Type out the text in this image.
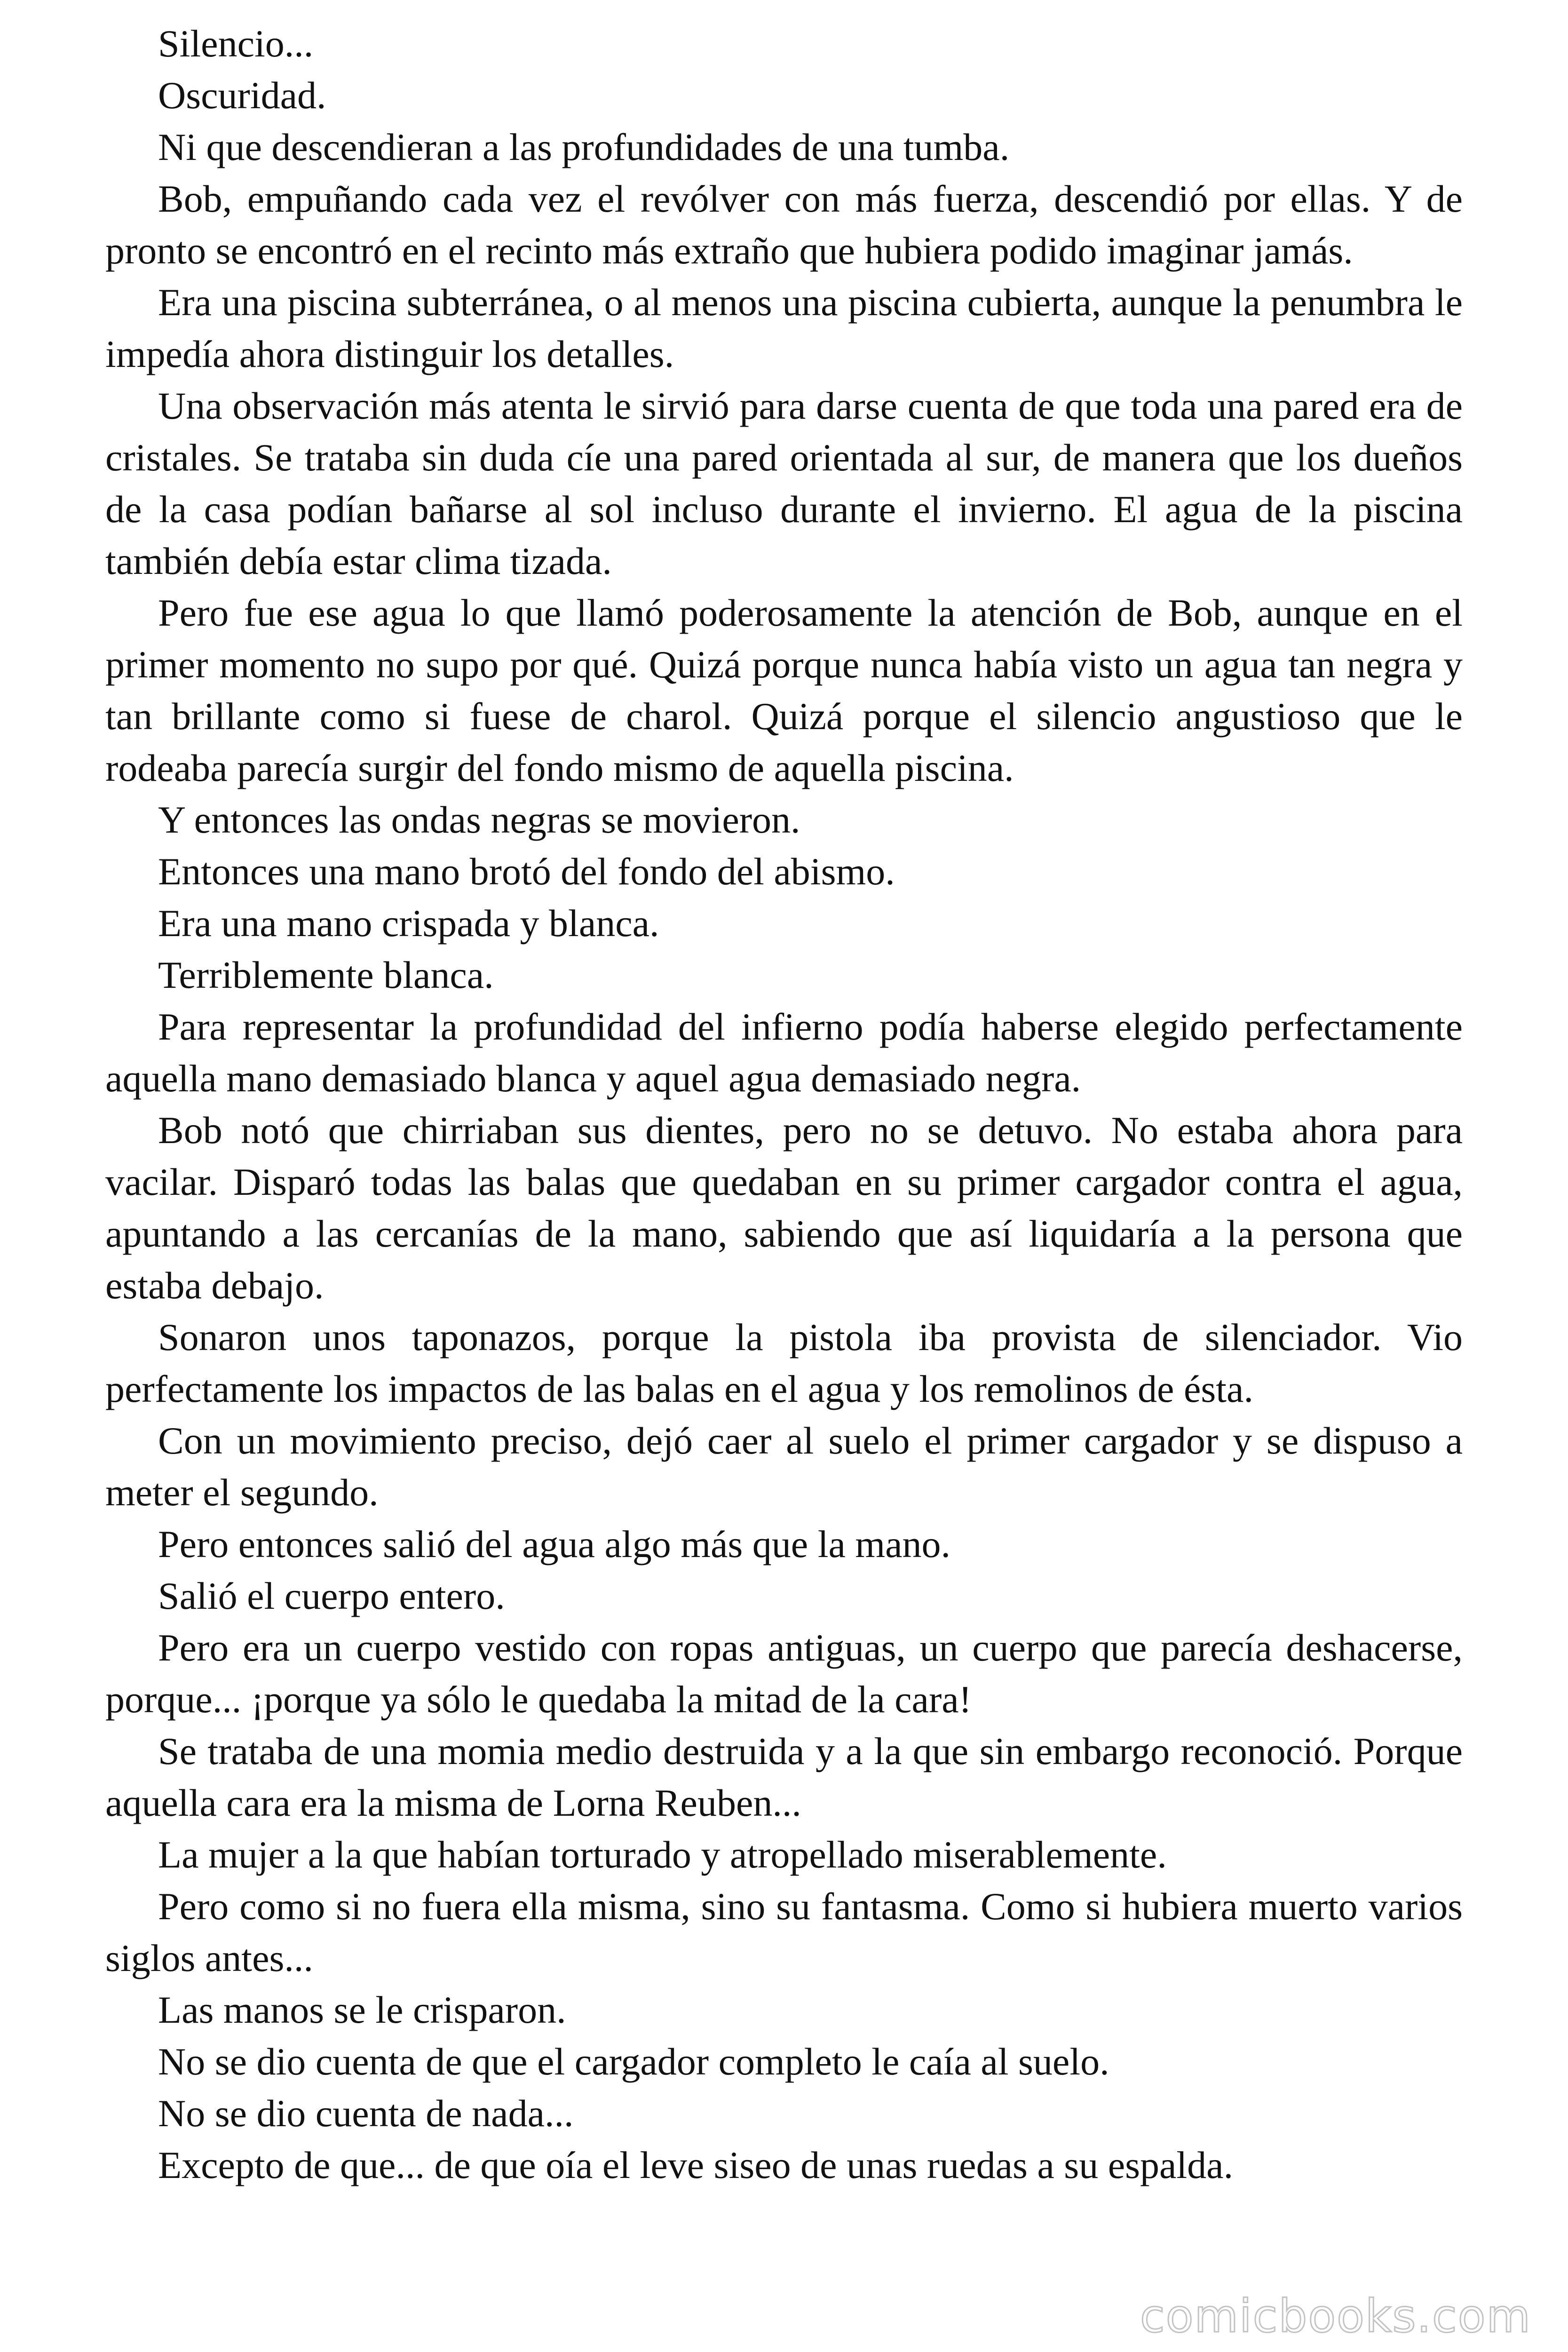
Silencio...

Oscuridad.

Ni que descendieran a las profundidades de una tumba.

Bob, empuñando cada vez el revólver con más fuerza, descendió por ellas. Y de pronto se encontró en el recinto más extraño que hubiera podido imaginar jamás.

Era una piscina subterránea, o al menos una piscina cubierta, aunque la penumbra le impedía ahora distinguir los detalles.

Una observación más atenta le sirvió para darse cuenta de que toda una pared era de cristales. Se trataba sin duda cíe una pared orientada al sur, de manera que los dueños de la casa podían bañarse al sol incluso durante el invierno. El agua de la piscina también debía estar clima tizada.

Pero fue ese agua lo que llamó poderosamente la atención de Bob, aunque en el primer momento no supo por qué. Quizá porque nunca había visto un agua tan negra y tan brillante como si fuese de charol. Quizá porque el silencio angustioso que le rodeaba parecía surgir del fondo mismo de aquella piscina.

Y entonces las ondas negras se movieron.

Entonces una mano brotó del fondo del abismo.

Era una mano crispada y blanca.

Terriblemente blanca.

Para representar la profundidad del infierno podía haberse elegido perfectamente aquella mano demasiado blanca y aquel agua demasiado negra.

Bob notó que chirriaban sus dientes, pero no se detuvo. No estaba ahora para vacilar. Disparó todas las balas que quedaban en su primer cargador contra el agua, apuntando a las cercanías de la mano, sabiendo que así liquidaría a la persona que estaba debajo.

Sonaron unos taponazos, porque la pistola iba provista de silenciador. Vio perfectamente los impactos de las balas en el agua y los remolinos de ésta.

Con un movimiento preciso, dejó caer al suelo el primer cargador y se dispuso a meter el segundo.

Pero entonces salió del agua algo más que la mano.

Salió el cuerpo entero.

Pero era un cuerpo vestido con ropas antiguas, un cuerpo que parecía deshacerse, porque... ¡porque ya sólo le quedaba la mitad de la cara!

Se trataba de una momia medio destruida y a la que sin embargo reconoció. Porque aquella cara era la misma de Lorna Reuben...

La mujer a la que habían torturado y atropellado miserablemente.

Pero como si no fuera ella misma, sino su fantasma. Como si hubiera muerto varios siglos antes...

Las manos se le crisparon.

No se dio cuenta de que el cargador completo le caía al suelo.

No se dio cuenta de nada...

Excepto de que... de que oía el leve siseo de unas ruedas a su espalda.

comicbooks.com
